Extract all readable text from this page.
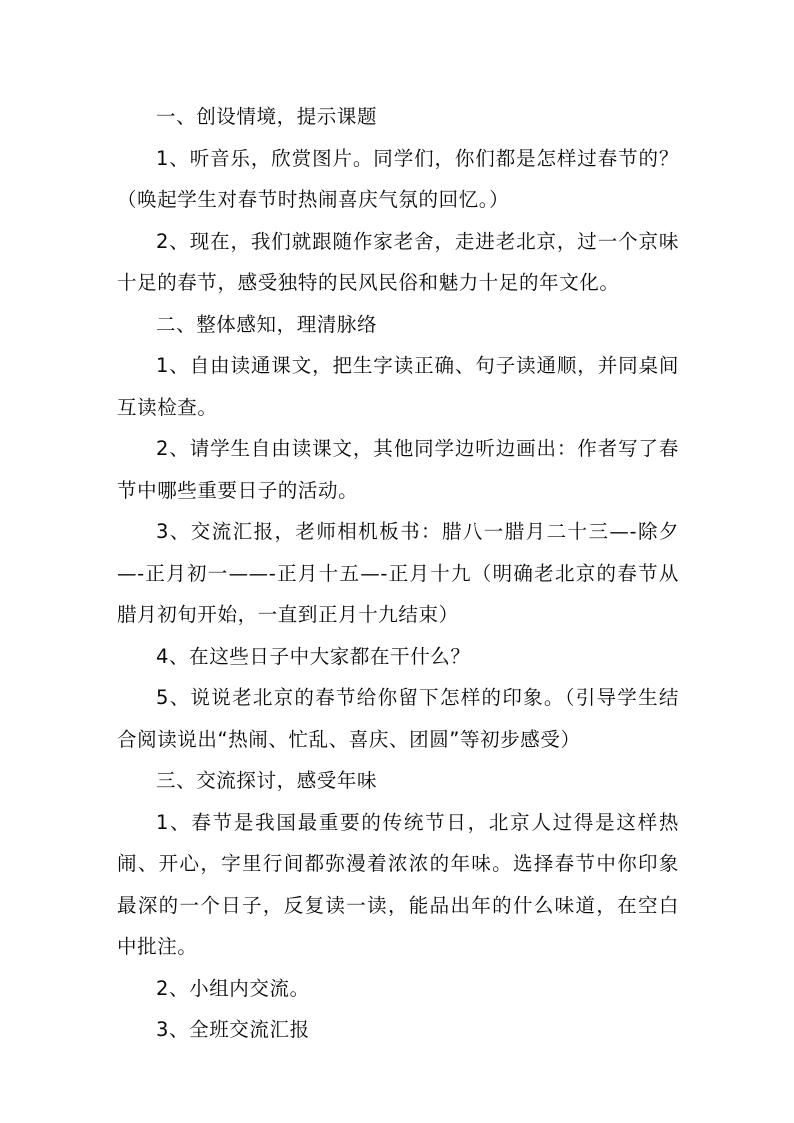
一、创设情境，提示课题

1、听音乐，欣赏图片。同学们，你们都是怎样过春节的？（唤起学生对春节时热闹喜庆气氛的回忆。）

2、现在，我们就跟随作家老舍，走进老北京，过一个京味十足的春节，感受独特的民风民俗和魅力十足的年文化。

二、整体感知，理清脉络

1、自由读通课文，把生字读正确、句子读通顺，并同桌间互读检查。

2、请学生自由读课文，其他同学边听边画出：作者写了春节中哪些重要日子的活动。

3、交流汇报，老师相机板书：腊八一腊月二十三—-除夕—-正月初一——-正月十五—-正月十九（明确老北京的春节从腊月初旬开始，一直到正月十九结束）

4、在这些日子中大家都在干什么？

5、说说老北京的春节给你留下怎样的印象。（引导学生结合阅读说出“热闹、忙乱、喜庆、团圆”等初步感受）

三、交流探讨，感受年味

1、春节是我国最重要的传统节日，北京人过得是这样热闹、开心，字里行间都弥漫着浓浓的年味。选择春节中你印象最深的一个日子，反复读一读，能品出年的什么味道，在空白中批注。

2、小组内交流。

3、全班交流汇报
